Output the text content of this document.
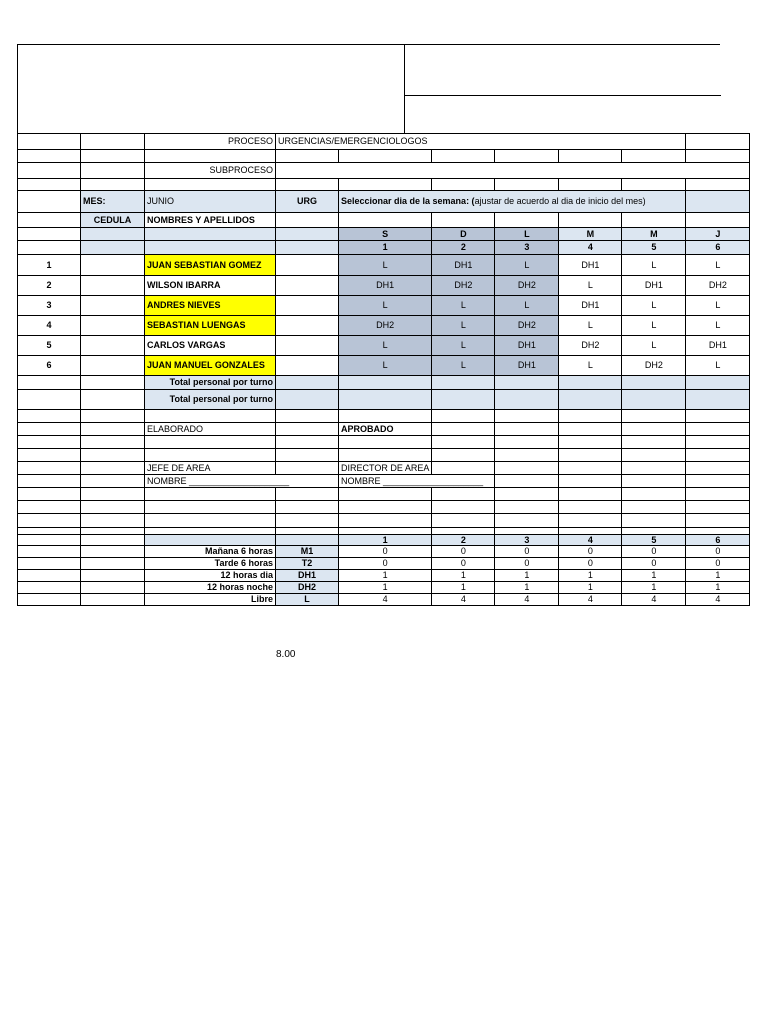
		PROCESO	URGENCIAS/EMERGENCIOLOGOS						

		SUBPROCESO							

	MES:	JUNIO	URG	Seleccionar dia de la semana: (ajustar de acuerdo al dia de inicio del mes)					
	CEDULA	NOMBRES Y APELLIDOS							
				S	D	L	M	M	J
				1	2	3	4	5	6
1		JUAN SEBASTIAN GOMEZ		L	DH1	L	DH1	L	L
2		WILSON IBARRA		DH1	DH2	DH2	L	DH1	DH2
3		ANDRES NIEVES		L	L	L	DH1	L	L
4		SEBASTIAN LUENGAS		DH2	L	DH2	L	L	L
5		CARLOS VARGAS		L	L	DH1	DH2	L	DH1
6		JUAN MANUEL GONZALES		L	L	DH1	L	DH2	L
		Total personal por turno							
		Total personal por turno							

		ELABORADO		APROBADO					

		JEFE DE AREA		DIRECTOR DE AREA					
		NOMBRE ____________________		NOMBRE ____________________					

				1	2	3	4	5	6
		Mañana 6 horas	M1	0	0	0	0	0	0
		Tarde 6 horas	T2	0	0	0	0	0	0
		12 horas dia	DH1	1	1	1	1	1	1
		12 horas noche	DH2	1	1	1	1	1	1
		Libre	L	4	4	4	4	4	4
8.00
